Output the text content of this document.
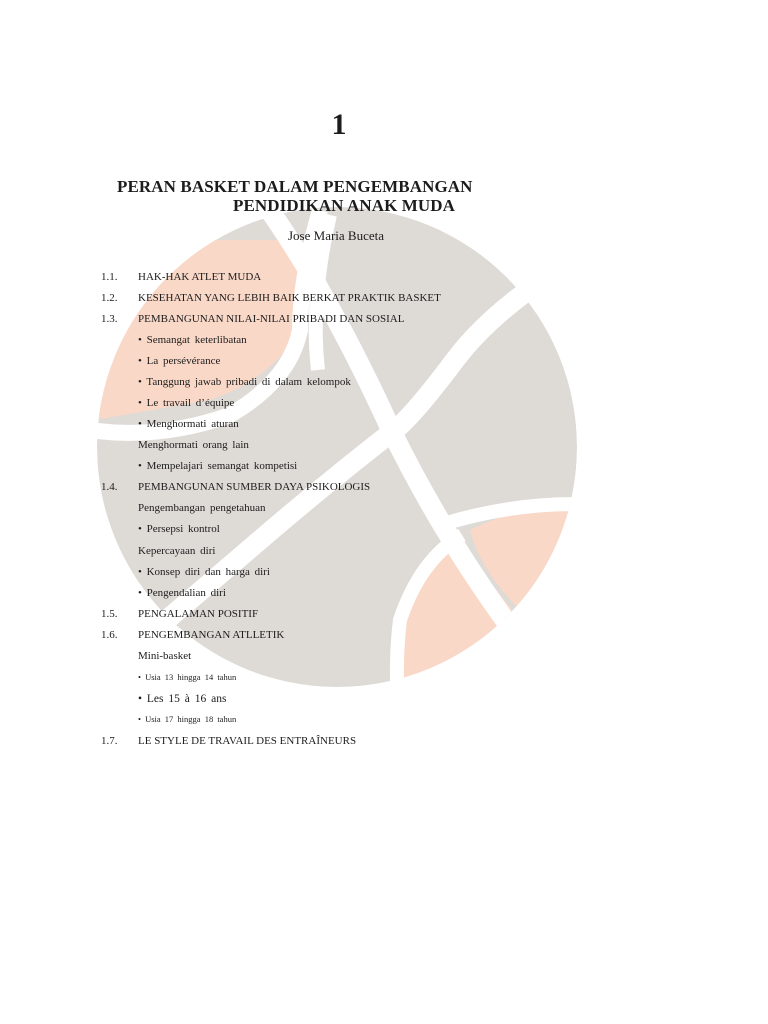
1
PERAN BASKET DALAM PENGEMBANGAN
PENDIDIKAN ANAK MUDA
Jose Maria Buceta
1.1. HAK-HAK ATLET MUDA
1.2. KESEHATAN YANG LEBIH BAIK BERKAT PRAKTIK BASKET
1.3. PEMBANGUNAN NILAI-NILAI PRIBADI DAN SOSIAL
• Semangat keterlibatan
• La persévérance
• Tanggung jawab pribadi di dalam kelompok
• Le travail d’équipe
• Menghormati aturan
Menghormati orang lain
• Mempelajari semangat kompetisi
1.4. PEMBANGUNAN SUMBER DAYA PSIKOLOGIS
Pengembangan pengetahuan
• Persepsi kontrol
Kepercayaan diri
• Konsep diri dan harga diri
• Pengendalian diri
1.5. PENGALAMAN POSITIF
1.6. PENGEMBANGAN ATLLETIK
Mini-basket
• Usia 13 hingga 14 tahun
• Les 15 à 16 ans
• Usia 17 hingga 18 tahun
1.7. LE STYLE DE TRAVAIL DES ENTRAÎNEURS
